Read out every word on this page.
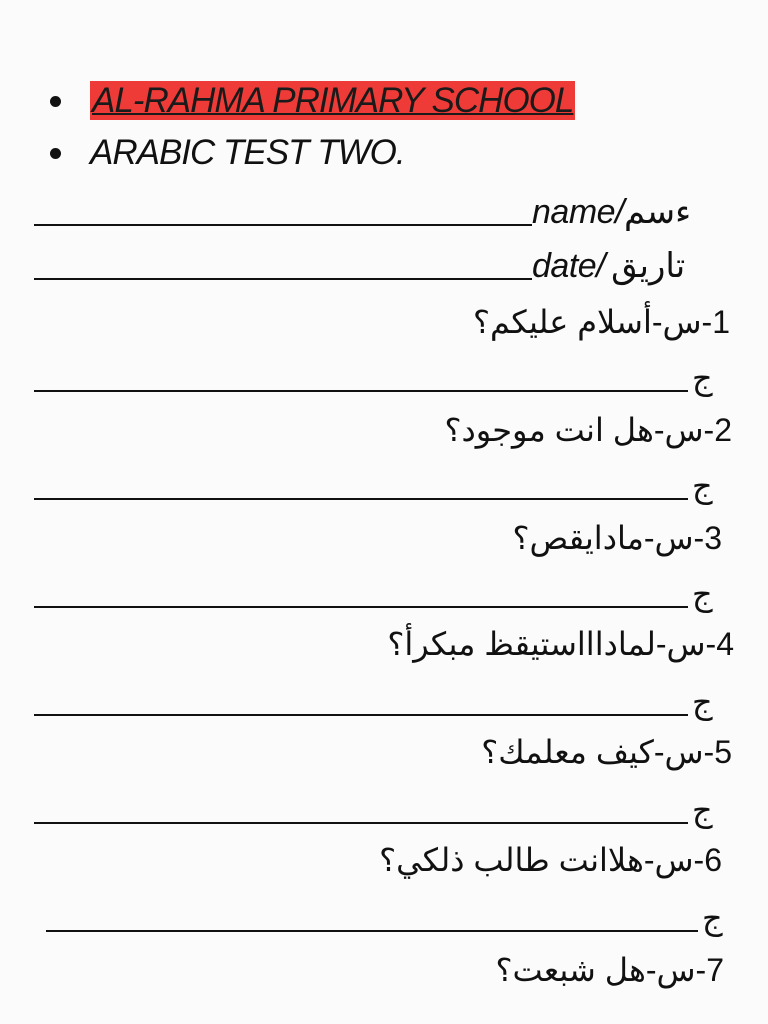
AL-RAHMA PRIMARY SCHOOL
ARABIC TEST TWO.
name/ ءسم
date/ تاريق
1-س-أسلام عليكم؟
ج
2-س-هل انت موجود؟
ج
3-س-مادايقص؟
ج
4-س-لماداااستيقظ مبكرأ؟
ج
5-س-كيف معلمك؟
ج
6-س-هلاانت طالب ذلكي؟
ج
7-س-هل شبعت؟
